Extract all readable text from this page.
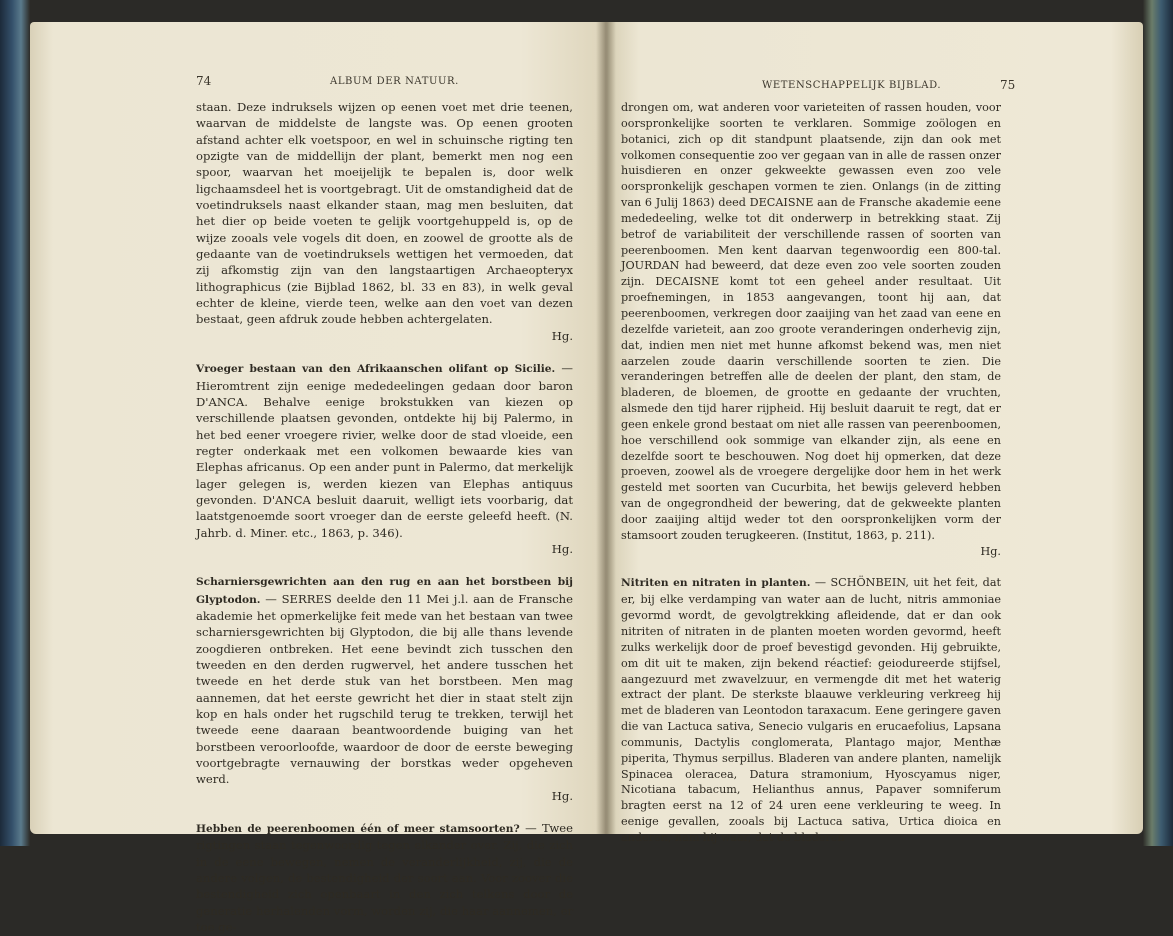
74	ALBUM DER NATUUR.

staan. Deze indruksels wijzen op eenen voet met drie teenen, waarvan de middelste de langste was. Op eenen grooten afstand achter elk voetspoor, en wel in schuinsche rigting ten opzigte van de middellijn der plant, bemerkt men nog een spoor, waarvan het moeijelijk te bepalen is, door welk ligchaamsdeel het is voortgebragt. Uit de omstandigheid dat de voetindruksels naast elkander staan, mag men besluiten, dat het dier op beide voeten te gelijk voortgehuppeld is, op de wijze zooals vele vogels dit doen, en zoowel de grootte als de gedaante van de voetindruksels wettigen het vermoeden, dat zij afkomstig zijn van den langstaartigen Archaeopteryx lithographicus (zie Bijblad 1862, bl. 33 en 83), in welk geval echter de kleine, vierde teen, welke aan den voet van dezen bestaat, geen afdruk zoude hebben achtergelaten.

Hg.

Vroeger bestaan van den Afrikaanschen olifant op Sicilie. — Hieromtrent zijn eenige mededeelingen gedaan door baron D'ANCA. Behalve eenige brokstukken van kiezen op verschillende plaatsen gevonden, ontdekte hij bij Palermo, in het bed eener vroegere rivier, welke door de stad vloeide, een regter onderkaak met een volkomen bewaarde kies van Elephas africanus. Op een ander punt in Palermo, dat merkelijk lager gelegen is, werden kiezen van Elephas antiquus gevonden. D'ANCA besluit daaruit, welligt iets voorbarig, dat laatstgenoemde soort vroeger dan de eerste geleefd heeft. (N. Jahrb. d. Miner. etc., 1863, p. 346).

Hg.

Scharniersgewrichten aan den rug en aan het borstbeen bij Glyptodon. — SERRES deelde den 11 Mei j.l. aan de Fransche akademie het opmerkelijke feit mede van het bestaan van twee scharniersgewrichten bij Glyptodon, die bij alle thans levende zoogdieren ontbreken. Het eene bevindt zich tusschen den tweeden en den derden rugwervel, het andere tusschen het tweede en het derde stuk van het borstbeen. Men mag aannemen, dat het eerste gewricht het dier in staat stelt zijn kop en hals onder het rugschild terug te trekken, terwijl het tweede eene daaraan beantwoordende buiging van het borstbeen veroorloofde, waardoor de door de eerste beweging voortgebragte vernauwing der borstkas weder opgeheven werd.

Hg.

Hebben de peerenboomen één of meer stamsoorten? — Twee rigtingen staan tegenwoordig tegen elkander over. Zij, die zich in de eene bewegen, nemen de veranderlijkheid, zij, die de andere volgen, de bestendigheid der soort aan. Voor zoover die bestendigheid zich openbaart in den zich telkens door de generatie herhalenden vorm, worden zij, die haar aannemen, er toe ge-

WETENSCHAPPELIJK BIJBLAD.	75

drongen om, wat anderen voor varieteiten of rassen houden, voor oorspronkelijke soorten te verklaren. Sommige zoölogen en botanici, zich op dit standpunt plaatsende, zijn dan ook met volkomen consequentie zoo ver gegaan van in alle de rassen onzer huisdieren en onzer gekweekte gewassen even zoo vele oorspronkelijk geschapen vormen te zien. Onlangs (in de zitting van 6 Julij 1863) deed DECAISNE aan de Fransche akademie eene mededeeling, welke tot dit onderwerp in betrekking staat. Zij betrof de variabiliteit der verschillende rassen of soorten van peerenboomen. Men kent daarvan tegenwoordig een 800-tal. JOURDAN had beweerd, dat deze even zoo vele soorten zouden zijn. DECAISNE komt tot een geheel ander resultaat. Uit proefnemingen, in 1853 aangevangen, toont hij aan, dat peerenboomen, verkregen door zaaijing van het zaad van eene en dezelfde varieteit, aan zoo groote veranderingen onderhevig zijn, dat, indien men niet met hunne afkomst bekend was, men niet aarzelen zoude daarin verschillende soorten te zien. Die veranderingen betreffen alle de deelen der plant, den stam, de bladeren, de bloemen, de grootte en gedaante der vruchten, alsmede den tijd harer rijpheid. Hij besluit daaruit te regt, dat er geen enkele grond bestaat om niet alle rassen van peerenboomen, hoe verschillend ook sommige van elkander zijn, als eene en dezelfde soort te beschouwen. Nog doet hij opmerken, dat deze proeven, zoowel als de vroegere dergelijke door hem in het werk gesteld met soorten van Cucurbita, het bewijs geleverd hebben van de ongegrondheid der bewering, dat de gekweekte planten door zaaijing altijd weder tot den oorspronkelijken vorm der stamsoort zouden terugkeeren. (Institut, 1863, p. 211).

Hg.

Nitriten en nitraten in planten. — SCHÖNBEIN, uit het feit, dat er, bij elke verdamping van water aan de lucht, nitris ammoniae gevormd wordt, de gevolgtrekking afleidende, dat er dan ook nitriten of nitraten in de planten moeten worden gevormd, heeft zulks werkelijk door de proef bevestigd gevonden. Hij gebruikte, om dit uit te maken, zijn bekend réactief: geiodureerde stijfsel, aangezuurd met zwavelzuur, en vermengde dit met het waterig extract der plant. De sterkste blaauwe verkleuring verkreeg hij met de bladeren van Leontodon taraxacum. Eene geringere gaven die van Lactuca sativa, Senecio vulgaris en erucaefolius, Lapsana communis, Dactylis conglomerata, Plantago major, Menthæ piperita, Thymus serpillus. Bladeren van andere planten, namelijk Spinacea oleracea, Datura stramonium, Hyoscyamus niger, Nicotiana tabacum, Helianthus annus, Papaver somniferum bragten eerst na 12 of 24 uren eene verkleuring te weeg. In eenige gevallen, zooals bij Lactuca sativa, Urtica dioica en anderen, nam hij waar, dat de bladeren
